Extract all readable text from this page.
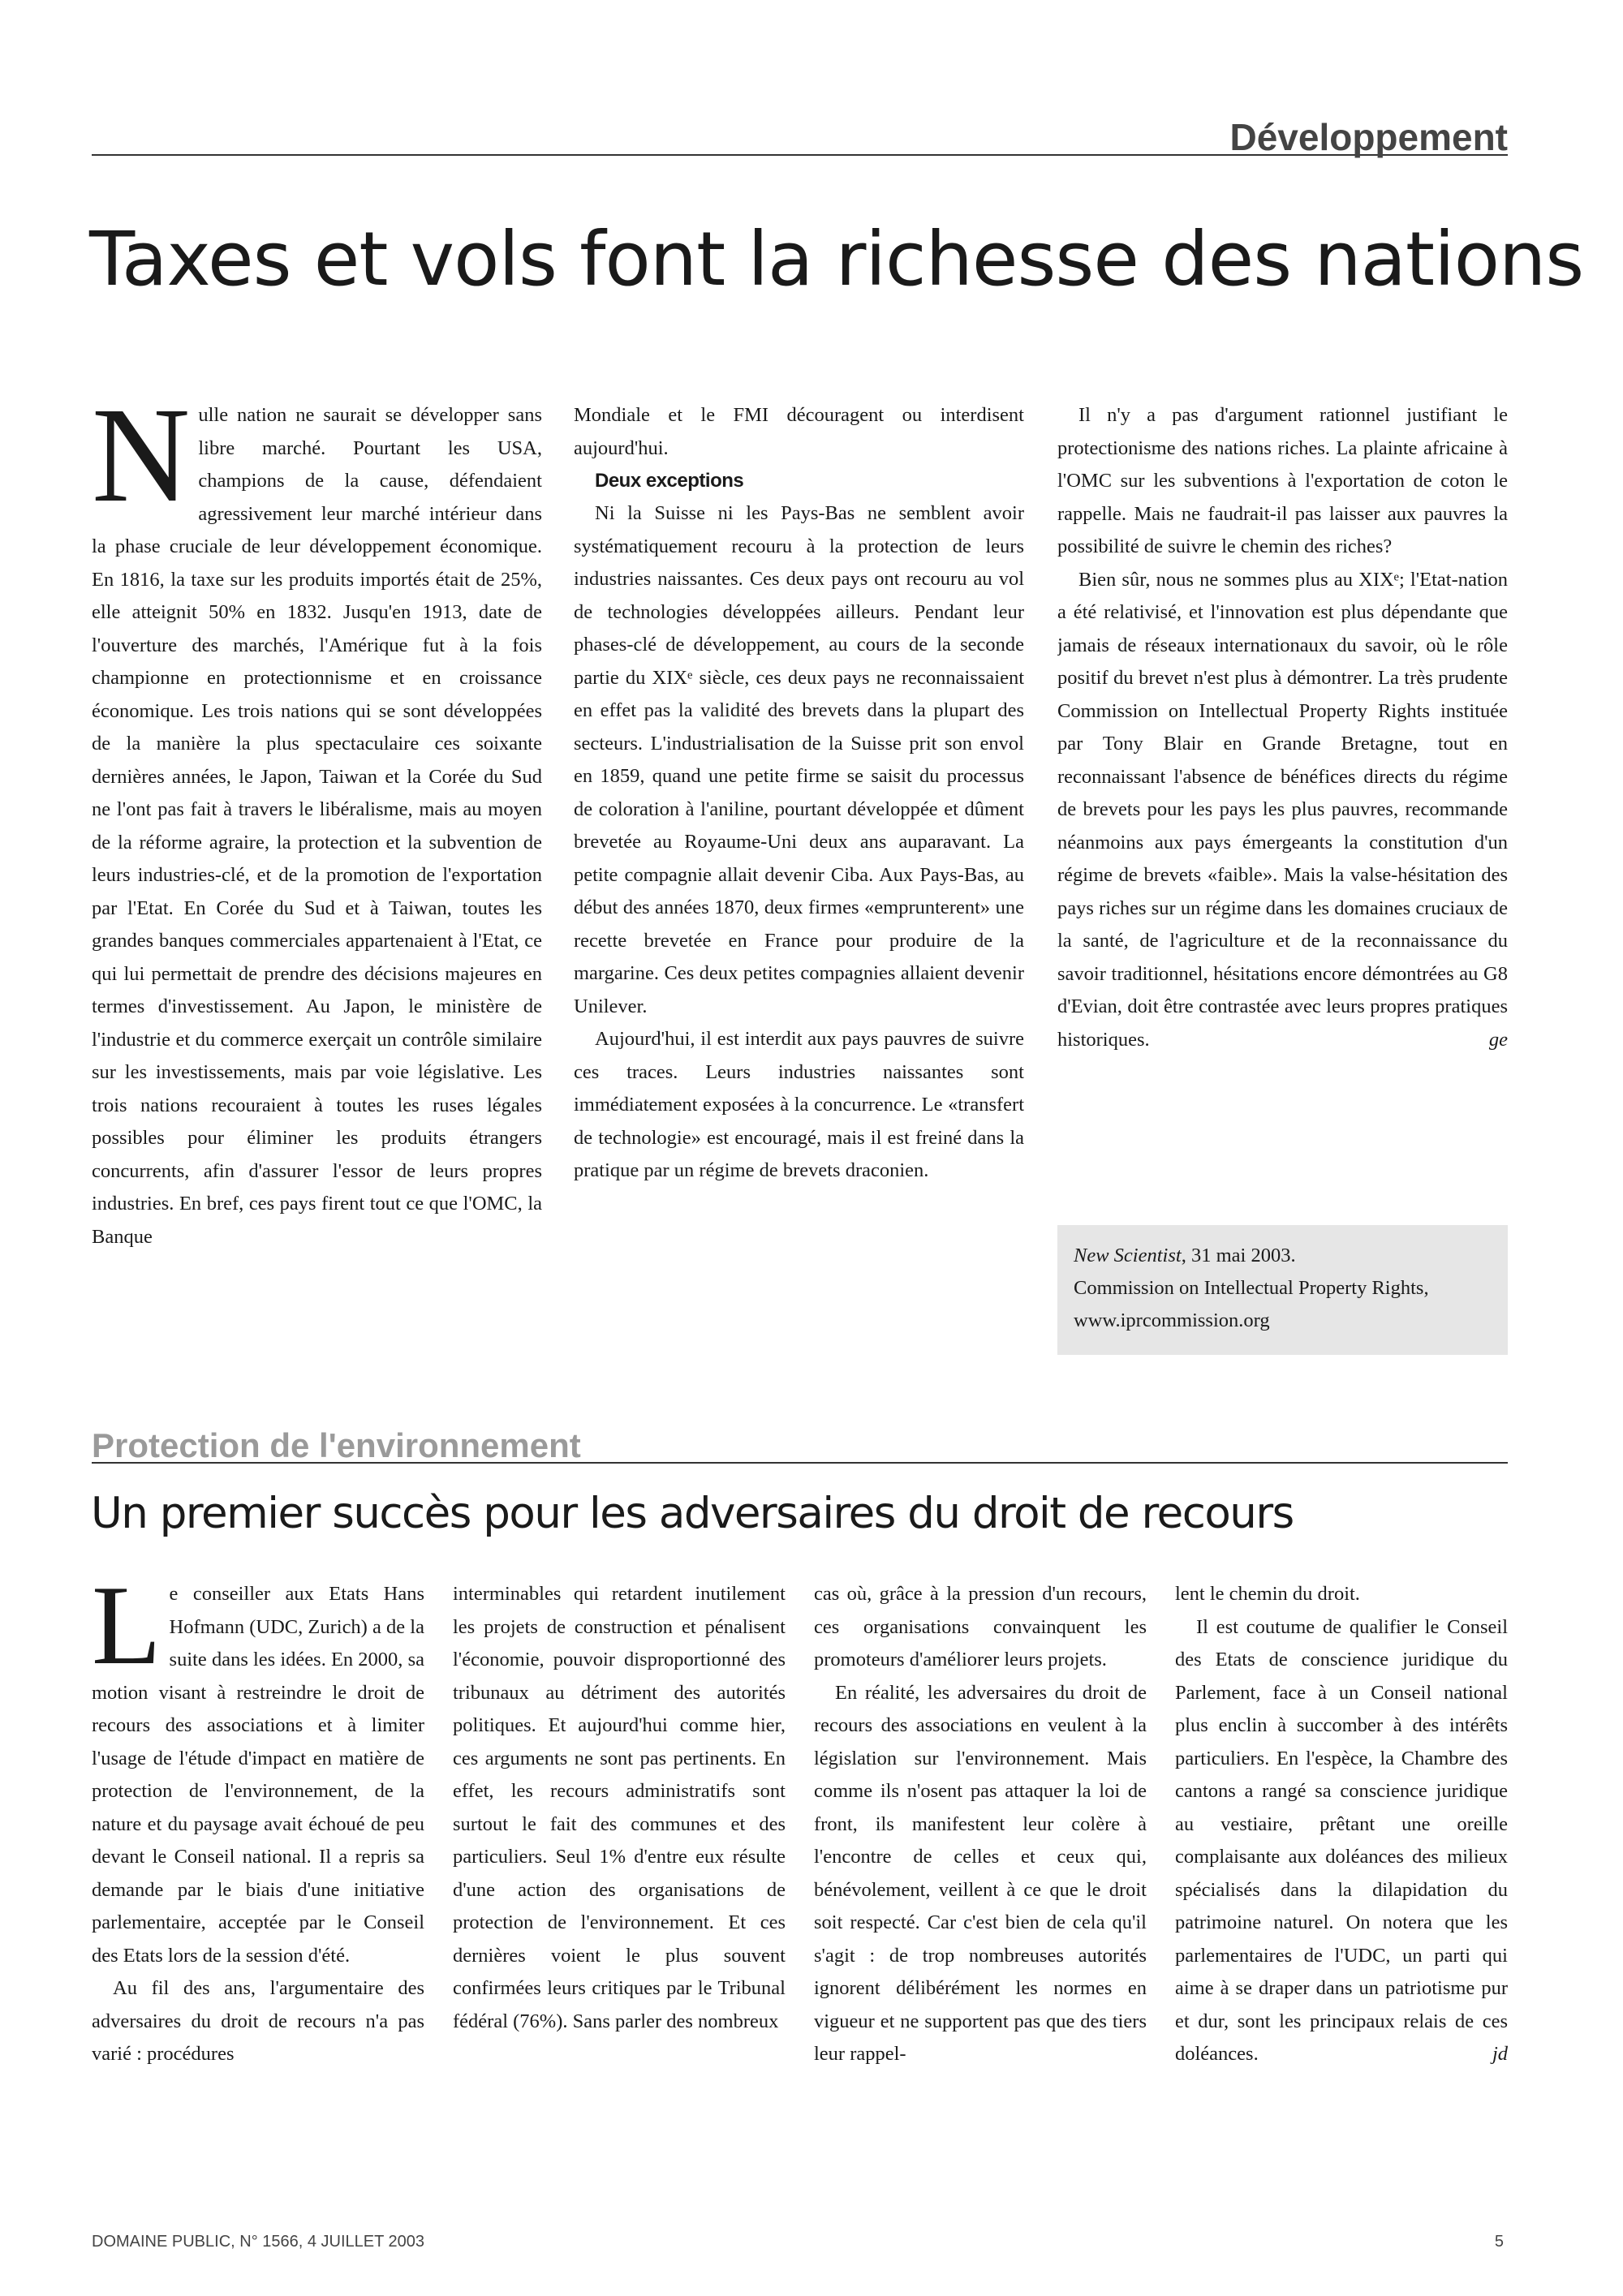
Développement
Taxes et vols font la richesse des nations
N ulle nation ne saurait se développer sans libre marché. Pourtant les USA, champions de la cause, défendaient agressivement leur marché intérieur dans la phase cruciale de leur développement économique. En 1816, la taxe sur les produits importés était de 25%, elle atteignit 50% en 1832. Jusqu'en 1913, date de l'ouverture des marchés, l'Amérique fut à la fois championne en protectionnisme et en croissance économique. Les trois nations qui se sont développées de la manière la plus spectaculaire ces soixante dernières années, le Japon, Taiwan et la Corée du Sud ne l'ont pas fait à travers le libéralisme, mais au moyen de la réforme agraire, la protection et la subvention de leurs industries-clé, et de la promotion de l'exportation par l'Etat. En Corée du Sud et à Taiwan, toutes les grandes banques commerciales appartenaient à l'Etat, ce qui lui permettait de prendre des décisions majeures en termes d'investissement. Au Japon, le ministère de l'industrie et du commerce exerçait un contrôle similaire sur les investissements, mais par voie législative. Les trois nations recouraient à toutes les ruses légales possibles pour éliminer les produits étrangers concurrents, afin d'assurer l'essor de leurs propres industries. En bref, ces pays firent tout ce que l'OMC, la Banque

Mondiale et le FMI découragent ou interdisent aujourd'hui.

Deux exceptions

Ni la Suisse ni les Pays-Bas ne semblent avoir systématiquement recouru à la protection de leurs industries naissantes. Ces deux pays ont recouru au vol de technologies développées ailleurs. Pendant leur phases-clé de développement, au cours de la seconde partie du XIXᵉ siècle, ces deux pays ne reconnaissaient en effet pas la validité des brevets dans la plupart des secteurs. L'industrialisation de la Suisse prit son envol en 1859, quand une petite firme se saisit du processus de coloration à l'aniline, pourtant développée et dûment brevetée au Royaume-Uni deux ans auparavant. La petite compagnie allait devenir Ciba. Aux Pays-Bas, au début des années 1870, deux firmes «emprunterent» une recette brevetée en France pour produire de la margarine. Ces deux petites compagnies allaient devenir Unilever.

Aujourd'hui, il est interdit aux pays pauvres de suivre ces traces. Leurs industries naissantes sont immédiatement exposées à la concurrence. Le «transfert de technologie» est encouragé, mais il est freiné dans la pratique par un régime de brevets draconien.

Il n'y a pas d'argument rationnel justifiant le protectionisme des nations riches. La plainte africaine à l'OMC sur les subventions à l'exportation de coton le rappelle. Mais ne faudrait-il pas laisser aux pauvres la possibilité de suivre le chemin des riches?

Bien sûr, nous ne sommes plus au XIXᵉ; l'Etat-nation a été relativisé, et l'innovation est plus dépendante que jamais de réseaux internationaux du savoir, où le rôle positif du brevet n'est plus à démontrer. La très prudente Commission on Intellectual Property Rights instituée par Tony Blair en Grande Bretagne, tout en reconnaissant l'absence de bénéfices directs du régime de brevets pour les pays les plus pauvres, recommande néanmoins aux pays émergeants la constitution d'un régime de brevets «faible». Mais la valse-hésitation des pays riches sur un régime dans les domaines cruciaux de la santé, de l'agriculture et de la reconnaissance du savoir traditionnel, hésitations encore démontrées au G8 d'Evian, doit être contrastée avec leurs propres pratiques historiques.	ge

New Scientist, 31 mai 2003.
Commission on Intellectual Property Rights,
www.iprcommission.org
Protection de l'environnement
Un premier succès pour les adversaires du droit de recours
L e conseiller aux Etats Hans Hofmann (UDC, Zurich) a de la suite dans les idées. En 2000, sa motion visant à restreindre le droit de recours des associations et à limiter l'usage de l'étude d'impact en matière de protection de l'environnement, de la nature et du paysage avait échoué de peu devant le Conseil national. Il a repris sa demande par le biais d'une initiative parlementaire, acceptée par le Conseil des Etats lors de la session d'été.

Au fil des ans, l'argumentaire des adversaires du droit de recours n'a pas varié : procédures

interminables qui retardent inutilement les projets de construction et pénalisent l'économie, pouvoir disproportionné des tribunaux au détriment des autorités politiques. Et aujourd'hui comme hier, ces arguments ne sont pas pertinents. En effet, les recours administratifs sont surtout le fait des communes et des particuliers. Seul 1% d'entre eux résulte d'une action des organisations de protection de l'environnement. Et ces dernières voient le plus souvent confirmées leurs critiques par le Tribunal fédéral (76%). Sans parler des nombreux

cas où, grâce à la pression d'un recours, ces organisations convainquent les promoteurs d'améliorer leurs projets.

En réalité, les adversaires du droit de recours des associations en veulent à la législation sur l'environnement. Mais comme ils n'osent pas attaquer la loi de front, ils manifestent leur colère à l'encontre de celles et ceux qui, bénévolement, veillent à ce que le droit soit respecté. Car c'est bien de cela qu'il s'agit : de trop nombreuses autorités ignorent délibérément les normes en vigueur et ne supportent pas que des tiers leur rappel-

lent le chemin du droit.

Il est coutume de qualifier le Conseil des Etats de conscience juridique du Parlement, face à un Conseil national plus enclin à succomber à des intérêts particuliers. En l'espèce, la Chambre des cantons a rangé sa conscience juridique au vestiaire, prêtant une oreille complaisante aux doléances des milieux spécialisés dans la dilapidation du patrimoine naturel. On notera que les parlementaires de l'UDC, un parti qui aime à se draper dans un patriotisme pur et dur, sont les principaux relais de ces doléances.	jd

DOMAINE PUBLIC, N° 1566, 4 JUILLET 2003	5
